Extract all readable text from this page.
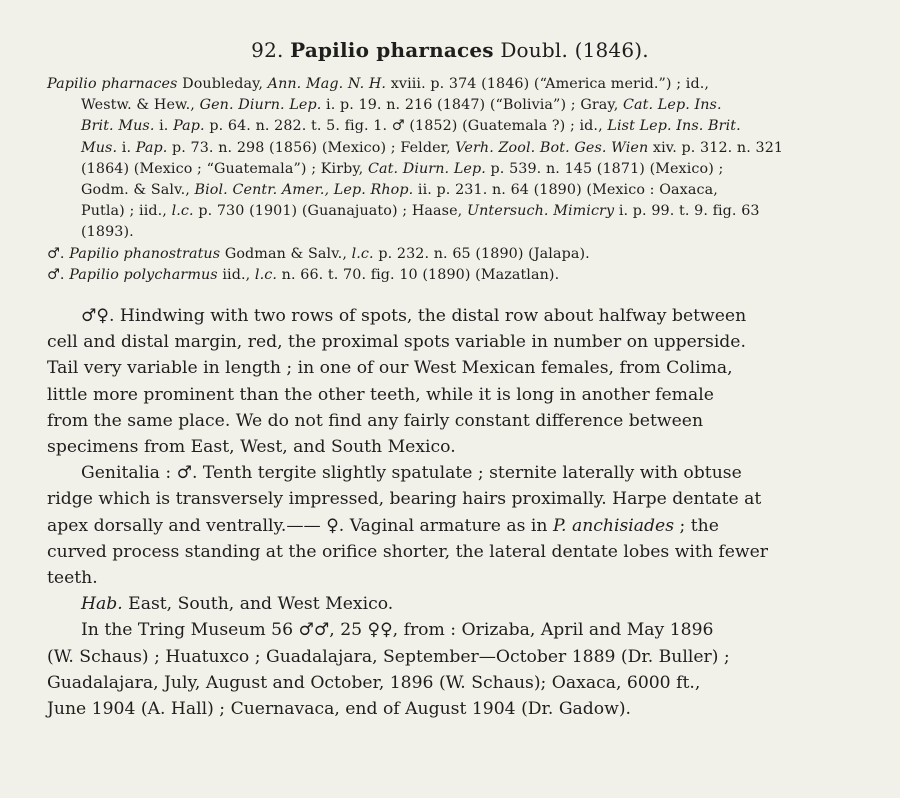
92. Papilio pharnaces Doubl. (1846).
Papilio pharnaces Doubleday, Ann. Mag. N. H. xviii. p. 374 (1846) (“America merid.”) ; id.,
Westw. & Hew., Gen. Diurn. Lep. i. p. 19. n. 216 (1847) (“Bolivia”) ; Gray, Cat. Lep. Ins.
Brit. Mus. i. Pap. p. 64. n. 282. t. 5. fig. 1. ♂ (1852) (Guatemala ?) ; id., List Lep. Ins. Brit.
Mus. i. Pap. p. 73. n. 298 (1856) (Mexico) ; Felder, Verh. Zool. Bot. Ges. Wien xiv. p. 312. n. 321
(1864) (Mexico ; “Guatemala”) ; Kirby, Cat. Diurn. Lep. p. 539. n. 145 (1871) (Mexico) ;
Godm. & Salv., Biol. Centr. Amer., Lep. Rhop. ii. p. 231. n. 64 (1890) (Mexico : Oaxaca,
Putla) ; iid., l.c. p. 730 (1901) (Guanajuato) ; Haase, Untersuch. Mimicry i. p. 99. t. 9. fig. 63
(1893).
♂. Papilio phanostratus Godman & Salv., l.c. p. 232. n. 65 (1890) (Jalapa).
♂. Papilio polycharmus iid., l.c. n. 66. t. 70. fig. 10 (1890) (Mazatlan).
♂♀. Hindwing with two rows of spots, the distal row about halfway between
cell and distal margin, red, the proximal spots variable in number on upperside.
Tail very variable in length ; in one of our West Mexican females, from Colima,
little more prominent than the other teeth, while it is long in another female
from the same place. We do not find any fairly constant difference between
specimens from East, West, and South Mexico.
Genitalia : ♂. Tenth tergite slightly spatulate ; sternite laterally with obtuse
ridge which is transversely impressed, bearing hairs proximally. Harpe dentate at
apex dorsally and ventrally.—— ♀. Vaginal armature as in P. anchisiades ; the
curved process standing at the orifice shorter, the lateral dentate lobes with fewer
teeth.
Hab. East, South, and West Mexico.
In the Tring Museum 56 ♂♂, 25 ♀♀, from : Orizaba, April and May 1896
(W. Schaus) ; Huatuxco ; Guadalajara, September—October 1889 (Dr. Buller) ;
Guadalajara, July, August and October, 1896 (W. Schaus); Oaxaca, 6000 ft.,
June 1904 (A. Hall) ; Cuernavaca, end of August 1904 (Dr. Gadow).
